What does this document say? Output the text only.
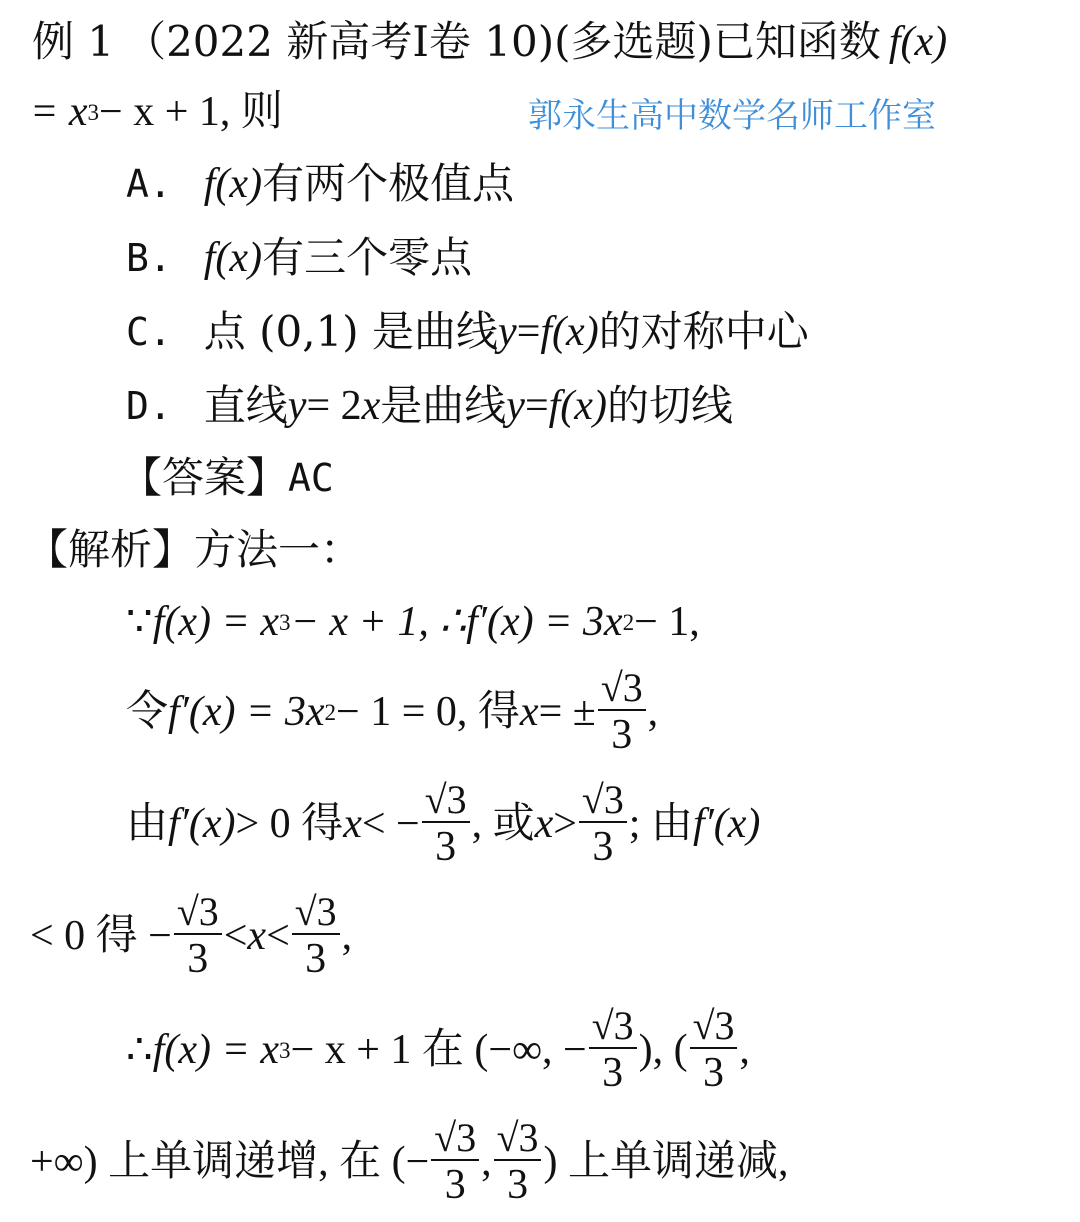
例 1 （2022 新高考Ⅰ卷 10)(多选题)已知函数 f(x)
= x 3 − x + 1, 则	郭永生高中数学名师工作室
A. f(x) 有两个极值点
B. f(x) 有三个零点
C. 点 (0,1) 是曲线 y = f(x) 的对称中心
D. 直线 y = 2 x 是曲线 y = f(x) 的切线
【答案】 AC
【解析】方法一：
∵ f(x) = x 3 − x + 1, ∴ f′(x) = 3x 2 − 1,
令 f′(x) = 3x 2 − 1 = 0, 得 x = ± $\frac{√3}{3}$ ,
由 f′(x) > 0 得 x < − $\frac{√3}{3}$ , 或 $x > \frac{√3}{3}$ ; 由 f′(x)
< 0 得 − $\frac{√3}{3} < x < \frac{√3}{3}$ ,
∴ f(x) = x 3 − x + 1 在 (−∞, − $\frac{√3}{3}$ ), ( $\frac{√3}{3}$ ,
+∞) 上单调递增, 在 (− $\frac{√3}{3}$ , $\frac{√3}{3}$ ) 上单调递减,
